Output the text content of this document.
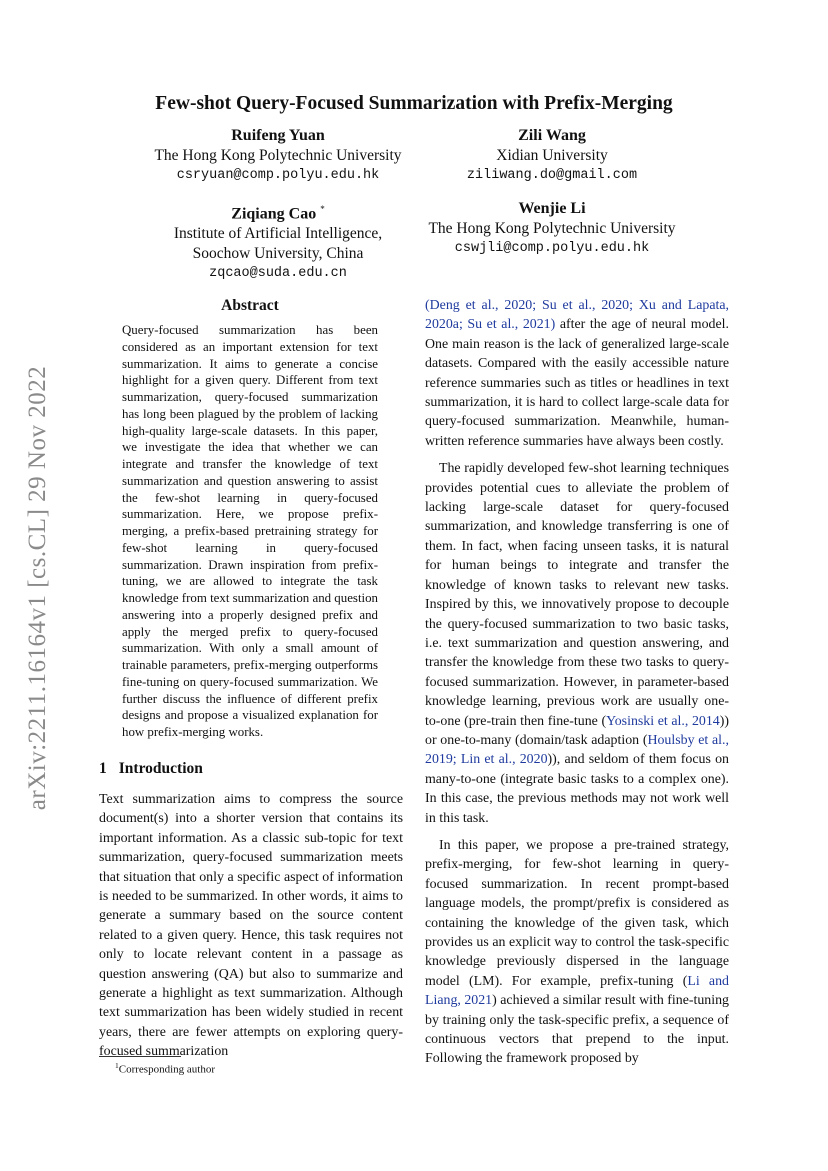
arXiv:2211.16164v1 [cs.CL] 29 Nov 2022
Few-shot Query-Focused Summarization with Prefix-Merging
Ruifeng Yuan
The Hong Kong Polytechnic University
csryuan@comp.polyu.edu.hk
Zili Wang
Xidian University
ziliwang.do@gmail.com
Ziqiang Cao *
Institute of Artificial Intelligence,
Soochow University, China
zqcao@suda.edu.cn
Wenjie Li
The Hong Kong Polytechnic University
cswjli@comp.polyu.edu.hk
Abstract

Query-focused summarization has been considered as an important extension for text summarization. It aims to generate a concise highlight for a given query. Different from text summarization, query-focused summarization has long been plagued by the problem of lacking high-quality large-scale datasets. In this paper, we investigate the idea that whether we can integrate and transfer the knowledge of text summarization and question answering to assist the few-shot learning in query-focused summarization. Here, we propose prefix-merging, a prefix-based pretraining strategy for few-shot learning in query-focused summarization. Drawn inspiration from prefix-tuning, we are allowed to integrate the task knowledge from text summarization and question answering into a properly designed prefix and apply the merged prefix to query-focused summarization. With only a small amount of trainable parameters, prefix-merging outperforms fine-tuning on query-focused summarization. We further discuss the influence of different prefix designs and propose a visualized explanation for how prefix-merging works.

1 Introduction

Text summarization aims to compress the source document(s) into a shorter version that contains its important information. As a classic sub-topic for text summarization, query-focused summarization meets that situation that only a specific aspect of information is needed to be summarized. In other words, it aims to generate a summary based on the source content related to a given query. Hence, this task requires not only to locate relevant content in a passage as question answering (QA) but also to summarize and generate a highlight as text summarization. Although text summarization has been widely studied in recent years, there are fewer attempts on exploring query-focused summarization

$^1$Corresponding author

(Deng et al., 2020; Su et al., 2020; Xu and Lapata, 2020a; Su et al., 2021) after the age of neural model. One main reason is the lack of generalized large-scale datasets. Compared with the easily accessible nature reference summaries such as titles or headlines in text summarization, it is hard to collect large-scale data for query-focused summarization. Meanwhile, human-written reference summaries have always been costly.

The rapidly developed few-shot learning techniques provides potential cues to alleviate the problem of lacking large-scale dataset for query-focused summarization, and knowledge transferring is one of them. In fact, when facing unseen tasks, it is natural for human beings to integrate and transfer the knowledge of known tasks to relevant new tasks. Inspired by this, we innovatively propose to decouple the query-focused summarization to two basic tasks, i.e. text summarization and question answering, and transfer the knowledge from these two tasks to query-focused summarization. However, in parameter-based knowledge learning, previous work are usually one-to-one (pre-train then fine-tune (Yosinski et al., 2014)) or one-to-many (domain/task adaption (Houlsby et al., 2019; Lin et al., 2020)), and seldom of them focus on many-to-one (integrate basic tasks to a complex one). In this case, the previous methods may not work well in this task.

In this paper, we propose a pre-trained strategy, prefix-merging, for few-shot learning in query-focused summarization. In recent prompt-based language models, the prompt/prefix is considered as containing the knowledge of the given task, which provides us an explicit way to control the task-specific knowledge previously dispersed in the language model (LM). For example, prefix-tuning (Li and Liang, 2021) achieved a similar result with fine-tuning by training only the task-specific prefix, a sequence of continuous vectors that prepend to the input. Following the framework proposed by
